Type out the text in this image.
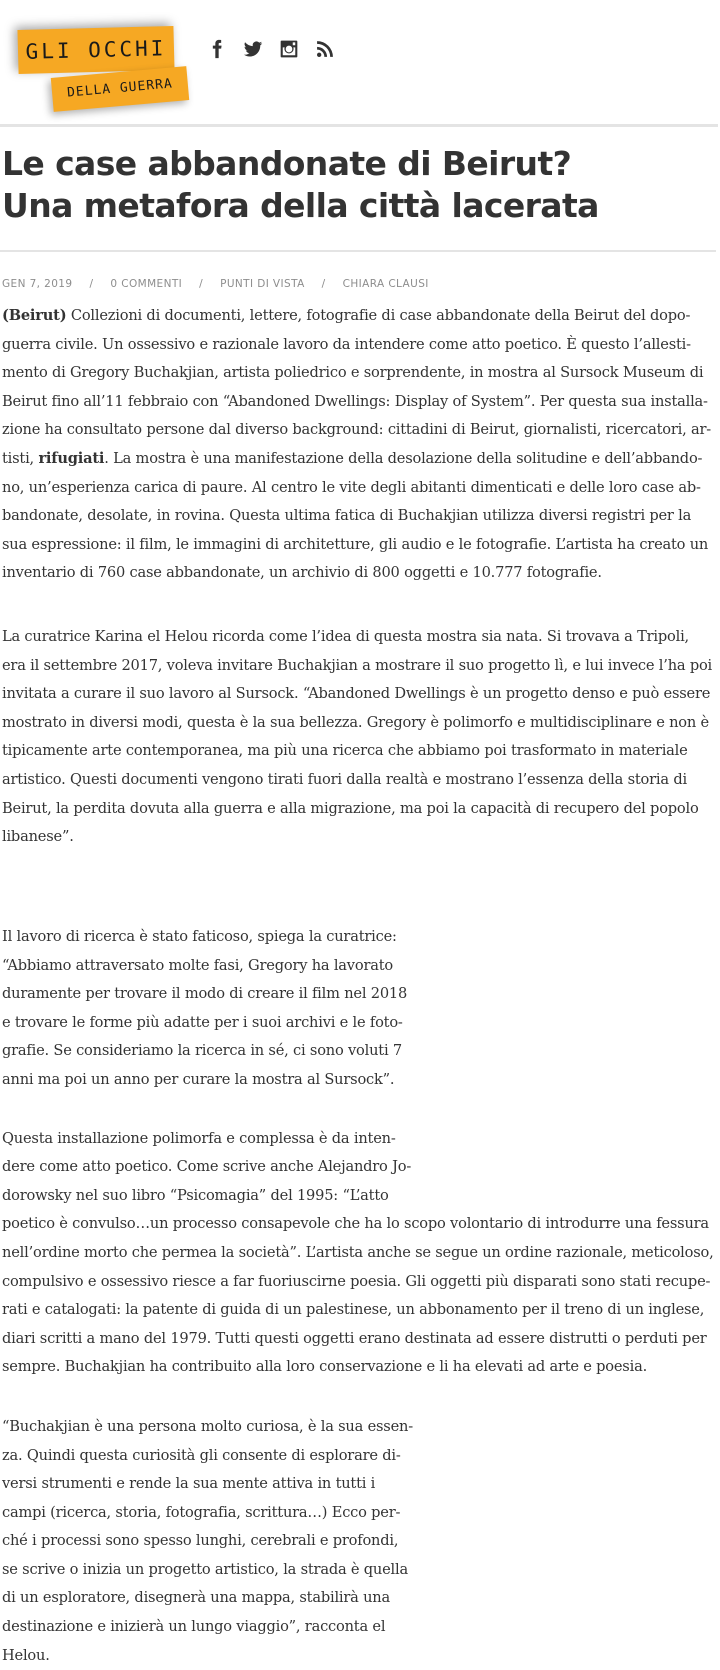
GLI OCCHI
DELLA GUERRA
Le case abbandonate di Beirut?
Una metafora della città lacerata
GEN 7, 2019 / 0 COMMENTI / PUNTI DI VISTA / CHIARA CLAUSI

(Beirut) Collezioni di documenti, lettere, fotografie di case abbandonate della Beirut del dopo-
guerra civile. Un ossessivo e razionale lavoro da intendere come atto poetico. È questo l’allesti-
mento di Gregory Buchakjian, artista poliedrico e sorprendente, in mostra al Sursock Museum di
Beirut fino all’11 febbraio con “Abandoned Dwellings: Display of System”. Per questa sua installa-
zione ha consultato persone dal diverso background: cittadini di Beirut, giornalisti, ricercatori, ar-
tisti, rifugiati. La mostra è una manifestazione della desolazione della solitudine e dell’abbando-
no, un’esperienza carica di paure. Al centro le vite degli abitanti dimenticati e delle loro case ab-
bandonate, desolate, in rovina. Questa ultima fatica di Buchakjian utilizza diversi registri per la
sua espressione: il film, le immagini di architetture, gli audio e le fotografie. L’artista ha creato un
inventario di 760 case abbandonate, un archivio di 800 oggetti e 10.777 fotografie.

La curatrice Karina el Helou ricorda come l’idea di questa mostra sia nata. Si trovava a Tripoli,
era il settembre 2017, voleva invitare Buchakjian a mostrare il suo progetto lì, e lui invece l’ha poi
invitata a curare il suo lavoro al Sursock. “Abandoned Dwellings è un progetto denso e può essere
mostrato in diversi modi, questa è la sua bellezza. Gregory è polimorfo e multidisciplinare e non è
tipicamente arte contemporanea, ma più una ricerca che abbiamo poi trasformato in materiale
artistico. Questi documenti vengono tirati fuori dalla realtà e mostrano l’essenza della storia di
Beirut, la perdita dovuta alla guerra e alla migrazione, ma poi la capacità di recupero del popolo
libanese”.

Il lavoro di ricerca è stato faticoso, spiega la curatrice:
“Abbiamo attraversato molte fasi, Gregory ha lavorato
duramente per trovare il modo di creare il film nel 2018
e trovare le forme più adatte per i suoi archivi e le foto-
grafie. Se consideriamo la ricerca in sé, ci sono voluti 7
anni ma poi un anno per curare la mostra al Sursock”.

Questa installazione polimorfa e complessa è da inten-
dere come atto poetico. Come scrive anche Alejandro Jo-
dorowsky nel suo libro “Psicomagia” del 1995: “L’atto
poetico è convulso…un processo consapevole che ha lo scopo volontario di introdurre una fessura
nell’ordine morto che permea la società”. L’artista anche se segue un ordine razionale, meticoloso,
compulsivo e ossessivo riesce a far fuoriuscirne poesia. Gli oggetti più disparati sono stati recupe-
rati e catalogati: la patente di guida di un palestinese, un abbonamento per il treno di un inglese,
diari scritti a mano del 1979. Tutti questi oggetti erano destinata ad essere distrutti o perduti per
sempre. Buchakjian ha contribuito alla loro conservazione e li ha elevati ad arte e poesia.

“Buchakjian è una persona molto curiosa, è la sua essen-
za. Quindi questa curiosità gli consente di esplorare di-
versi strumenti e rende la sua mente attiva in tutti i
campi (ricerca, storia, fotografia, scrittura…) Ecco per-
ché i processi sono spesso lunghi, cerebrali e profondi,
se scrive o inizia un progetto artistico, la strada è quella
di un esploratore, disegnerà una mappa, stabilirà una
destinazione e inizierà un lungo viaggio”, racconta el
Helou.
